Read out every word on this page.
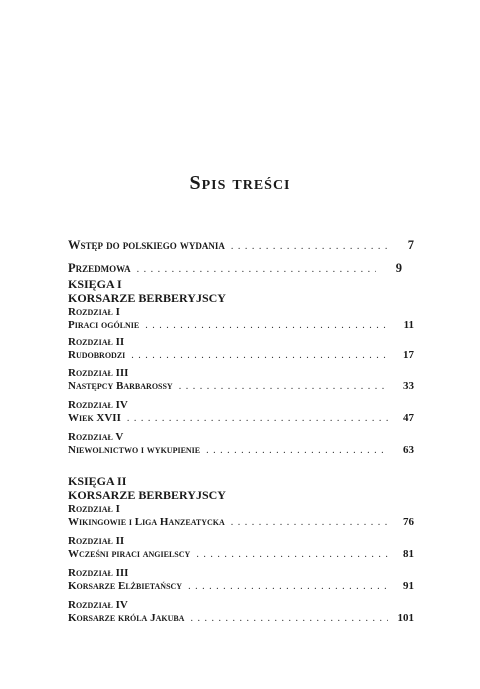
Spis treści
Wstęp do polskiego wydania . . .	7
Przedmowa . . .	9
KSIĘGA I
KORSARZE BERBERYJSCY
Rozdział I
Piraci ogólnie . . .	11
Rozdział II
Rudobrodzi . . .	17
Rozdział III
Następcy Barbarossy . . .	33
Rozdział IV
Wiek XVII . . .	47
Rozdział V
Niewolnictwo i wykupienie . . .	63
KSIĘGA II
KORSARZE BERBERYJSCY
Rozdział I
Wikingowie i Liga Hanzeatycka . . .	76
Rozdział II
Wcześni piraci angielscy . . .	81
Rozdział III
Korsarze Elżbietańscy . . .	91
Rozdział IV
Korsarze króla Jakuba . . .	101
